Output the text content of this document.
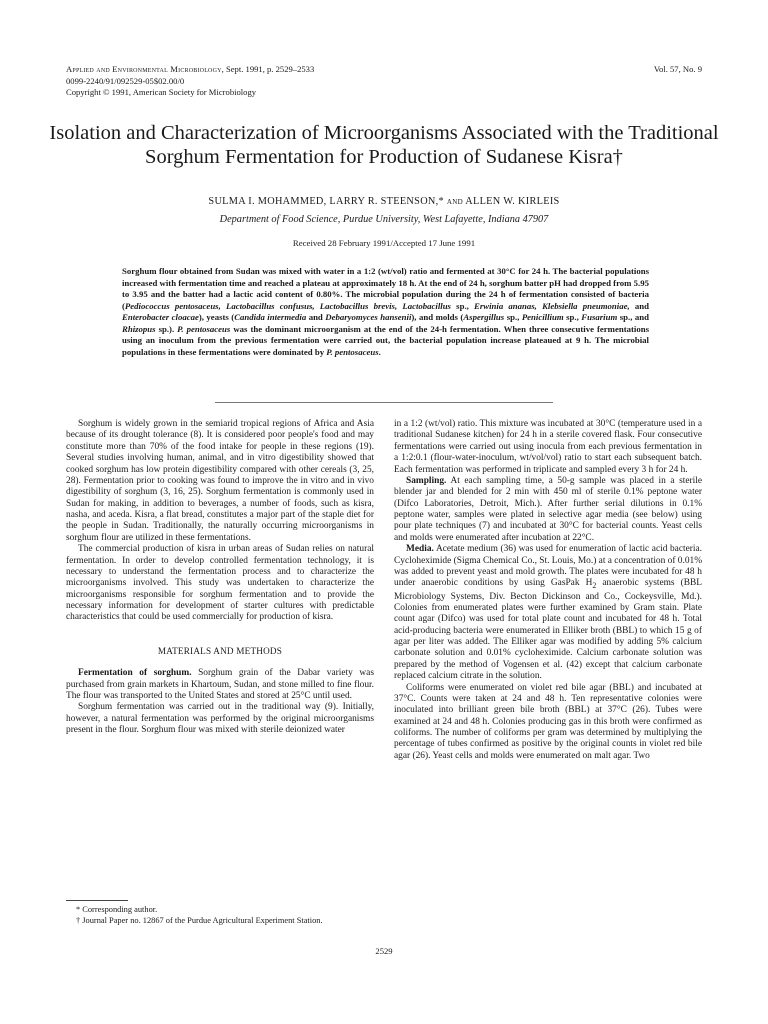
Applied and Environmental Microbiology, Sept. 1991, p. 2529–2533
0099-2240/91/092529-05$02.00/0
Copyright © 1991, American Society for Microbiology
Vol. 57, No. 9
Isolation and Characterization of Microorganisms Associated with the Traditional Sorghum Fermentation for Production of Sudanese Kisra†
SULMA I. MOHAMMED, LARRY R. STEENSON,* and ALLEN W. KIRLEIS
Department of Food Science, Purdue University, West Lafayette, Indiana 47907
Received 28 February 1991/Accepted 17 June 1991
Sorghum flour obtained from Sudan was mixed with water in a 1:2 (wt/vol) ratio and fermented at 30°C for 24 h. The bacterial populations increased with fermentation time and reached a plateau at approximately 18 h. At the end of 24 h, sorghum batter pH had dropped from 5.95 to 3.95 and the batter had a lactic acid content of 0.80%. The microbial population during the 24 h of fermentation consisted of bacteria (Pediococcus pentosaceus, Lactobacillus confusus, Lactobacillus brevis, Lactobacillus sp., Erwinia ananas, Klebsiella pneumoniae, and Enterobacter cloacae), yeasts (Candida intermedia and Debaryomyces hansenii), and molds (Aspergillus sp., Penicillium sp., Fusarium sp., and Rhizopus sp.). P. pentosaceus was the dominant microorganism at the end of the 24-h fermentation. When three consecutive fermentations using an inoculum from the previous fermentation were carried out, the bacterial population increase plateaued at 9 h. The microbial populations in these fermentations were dominated by P. pentosaceus.

Sorghum is widely grown in the semiarid tropical regions of Africa and Asia because of its drought tolerance (8). It is considered poor people's food and may constitute more than 70% of the food intake for people in these regions (19). Several studies involving human, animal, and in vitro digestibility showed that cooked sorghum has low protein digestibility compared with other cereals (3, 25, 28). Fermentation prior to cooking was found to improve the in vitro and in vivo digestibility of sorghum (3, 16, 25). Sorghum fermentation is commonly used in Sudan for making, in addition to beverages, a number of foods, such as kisra, nasha, and aceda. Kisra, a flat bread, constitutes a major part of the staple diet for the people in Sudan. Traditionally, the naturally occurring microorganisms in sorghum flour are utilized in these fermentations.

The commercial production of kisra in urban areas of Sudan relies on natural fermentation. In order to develop controlled fermentation technology, it is necessary to understand the fermentation process and to characterize the microorganisms involved. This study was undertaken to characterize the microorganisms responsible for sorghum fermentation and to provide the necessary information for development of starter cultures with predictable characteristics that could be used commercially for production of kisra.

MATERIALS AND METHODS

Fermentation of sorghum. Sorghum grain of the Dabar variety was purchased from grain markets in Khartoum, Sudan, and stone milled to fine flour. The flour was transported to the United States and stored at 25°C until used.

Sorghum fermentation was carried out in the traditional way (9). Initially, however, a natural fermentation was performed by the original microorganisms present in the flour. Sorghum flour was mixed with sterile deionized water

in a 1:2 (wt/vol) ratio. This mixture was incubated at 30°C (temperature used in a traditional Sudanese kitchen) for 24 h in a sterile covered flask. Four consecutive fermentations were carried out using inocula from each previous fermentation in a 1:2:0.1 (flour-water-inoculum, wt/vol/vol) ratio to start each subsequent batch. Each fermentation was performed in triplicate and sampled every 3 h for 24 h.

Sampling. At each sampling time, a 50-g sample was placed in a sterile blender jar and blended for 2 min with 450 ml of sterile 0.1% peptone water (Difco Laboratories, Detroit, Mich.). After further serial dilutions in 0.1% peptone water, samples were plated in selective agar media (see below) using pour plate techniques (7) and incubated at 30°C for bacterial counts. Yeast cells and molds were enumerated after incubation at 22°C.

Media. Acetate medium (36) was used for enumeration of lactic acid bacteria. Cycloheximide (Sigma Chemical Co., St. Louis, Mo.) at a concentration of 0.01% was added to prevent yeast and mold growth. The plates were incubated for 48 h under anaerobic conditions by using GasPak $H_2$ anaerobic systems (BBL Microbiology Systems, Div. Becton Dickinson and Co., Cockeysville, Md.). Colonies from enumerated plates were further examined by Gram stain. Plate count agar (Difco) was used for total plate count and incubated for 48 h. Total acid-producing bacteria were enumerated in Elliker broth (BBL) to which 15 g of agar per liter was added. The Elliker agar was modified by adding 5% calcium carbonate solution and 0.01% cycloheximide. Calcium carbonate solution was prepared by the method of Vogensen et al. (42) except that calcium carbonate replaced calcium citrate in the solution.

Coliforms were enumerated on violet red bile agar (BBL) and incubated at 37°C. Counts were taken at 24 and 48 h. Ten representative colonies were inoculated into brilliant green bile broth (BBL) at 37°C (26). Tubes were examined at 24 and 48 h. Colonies producing gas in this broth were confirmed as coliforms. The number of coliforms per gram was determined by multiplying the percentage of tubes confirmed as positive by the original counts in violet red bile agar (26). Yeast cells and molds were enumerated on malt agar. Two

* Corresponding author.

† Journal Paper no. 12867 of the Purdue Agricultural Experiment Station.

2529
